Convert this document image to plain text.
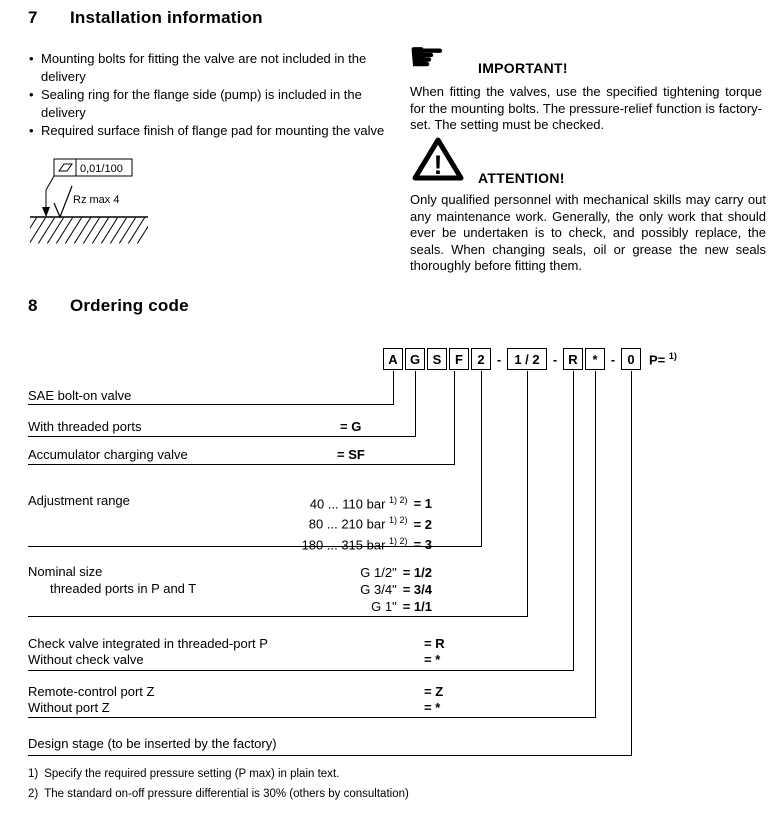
7 Installation information
• Mounting bolts for fitting the valve are not included in the delivery
• Sealing ring for the flange side (pump) is included in the delivery
• Required surface finish of flange pad for mounting the valve
0,01/100
Rz max 4
☛ IMPORTANT!
When fitting the valves, use the specified tightening torque for the mounting bolts. The pressure-relief function is factory-set. The setting must be checked.
!	ATTENTION!
Only qualified personnel with mechanical skills may carry out any maintenance work. Generally, the only work that should ever be undertaken is to check, and possibly replace, the seals. When changing seals, oil or grease the new seals thoroughly before fitting them.
8 Ordering code
A G S	F	2 -	1 / 2	- R	*	- 0	P= $^{1)}$
SAE bolt-on valve
With threaded ports	= G
Accumulator charging valve	= SF
Adjustment range	40 ... 110 bar $^{1) 2)}$ = 1
80 ... 210 bar $^{1) 2)}$ = 2
180 ... 315 bar $^{1) 2)}$ = 3
Nominal size
threaded ports in P and T
G 1/2" = 1/2
G 3/4" = 3/4
G 1" = 1/1
Check valve integrated in threaded-port P	= R
Without check valve	= *
Remote-control port Z	= Z
Without port Z	= *
Design stage (to be inserted by the factory)
1) Specify the required pressure setting (P max) in plain text.
2) The standard on-off pressure differential is 30% (others by consultation)
